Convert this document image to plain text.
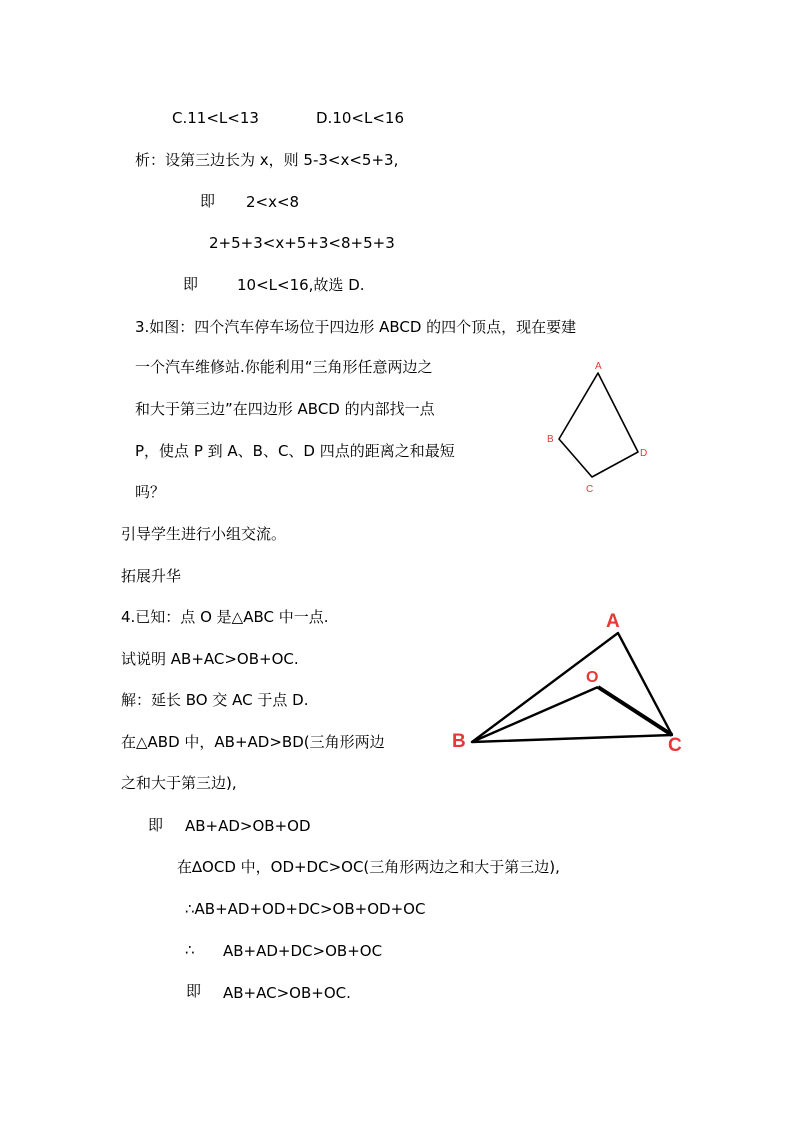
C.11<L<13	D.10<L<16
析：设第三边长为 x，则 5-3<x<5+3,
即 2<x<8
2+5+3<x+5+3<8+5+3
即	10<L<16,故选 D.
3.如图：四个汽车停车场位于四边形 ABCD 的四个顶点，现在要建
一个汽车维修站.你能利用“三角形任意两边之
和大于第三边”在四边形 ABCD 的内部找一点
P，使点 P 到 A、B、C、D 四点的距离之和最短
吗？
A
B
C
D
引导学生进行小组交流。
拓展升华
4.已知：点 O 是△ABC 中一点.
试说明 AB+AC>OB+OC.
解：延长 BO 交 AC 于点 D.
在△ABD 中，AB+AD>BD(三角形两边
之和大于第三边),
即 AB+AD>OB+OD
在∆OCD 中，OD+DC>OC(三角形两边之和大于第三边),
∴AB+AD+OD+DC>OB+OD+OC
∴ AB+AD+DC>OB+OC
即 AB+AC>OB+OC.
A
O
B	C
